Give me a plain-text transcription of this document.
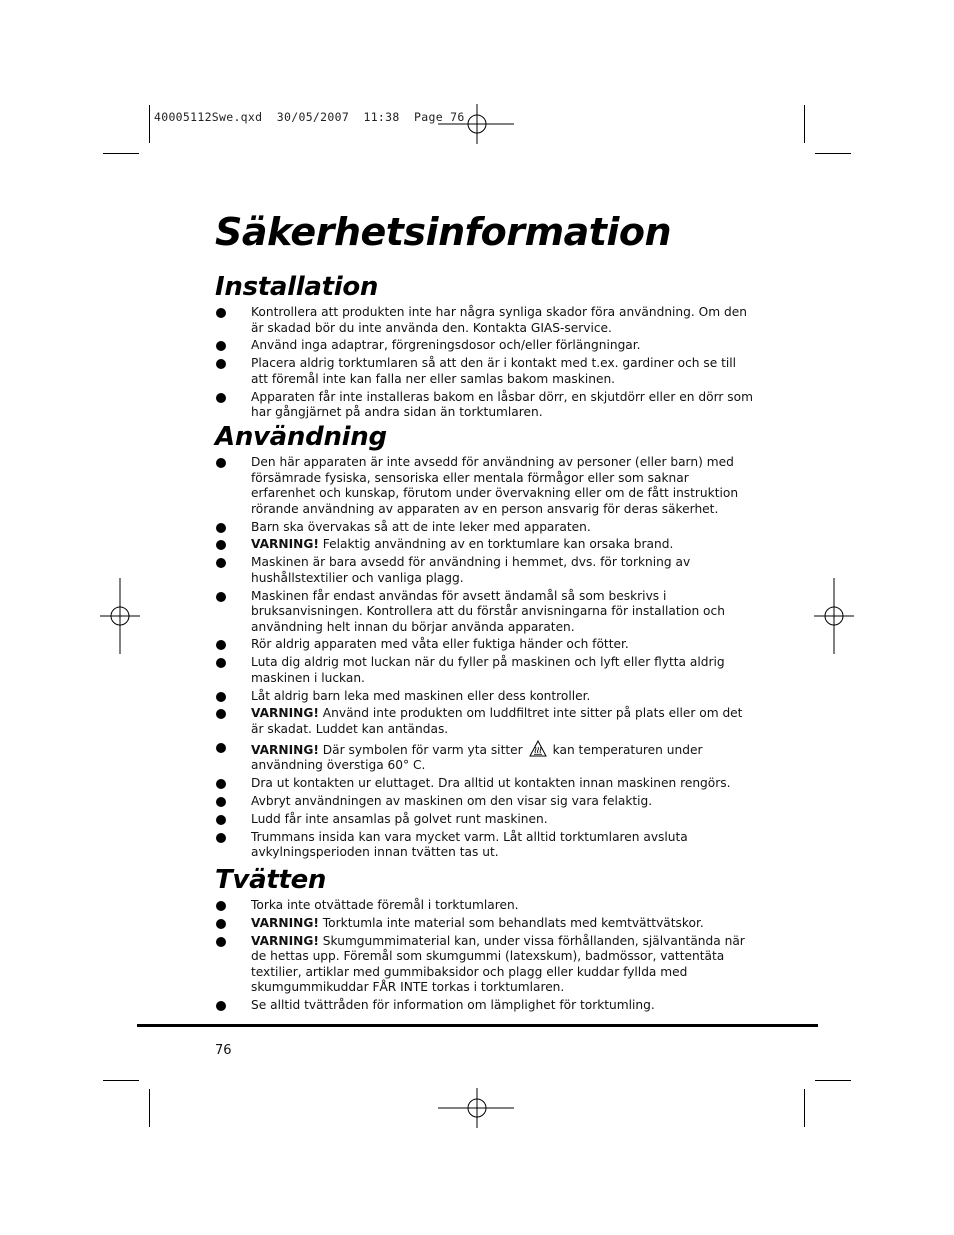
40005112Swe.qxd  30/05/2007  11:38  Page 76
Säkerhetsinformation
Installation
Kontrollera att produkten inte har några synliga skador föra användning. Om den är skadad bör du inte använda den. Kontakta GIAS-service.
Använd inga adaptrar, förgreningsdosor och/eller förlängningar.
Placera aldrig torktumlaren så att den är i kontakt med t.ex. gardiner och se till att föremål inte kan falla ner eller samlas bakom maskinen.
Apparaten får inte installeras bakom en låsbar dörr, en skjutdörr eller en dörr som har gångjärnet på andra sidan än torktumlaren.
Användning
Den här apparaten är inte avsedd för användning av personer (eller barn) med försämrade fysiska, sensoriska eller mentala förmågor eller som saknar erfarenhet och kunskap, förutom under övervakning eller om de fått instruktion rörande användning av apparaten av en person ansvarig för deras säkerhet.
Barn ska övervakas så att de inte leker med apparaten.
VARNING! Felaktig användning av en torktumlare kan orsaka brand.
Maskinen är bara avsedd för användning i hemmet, dvs. för torkning av hushållstextilier och vanliga plagg.
Maskinen får endast användas för avsett ändamål så som beskrivs i bruksanvisningen. Kontrollera att du förstår anvisningarna för installation och användning helt innan du börjar använda apparaten.
Rör aldrig apparaten med våta eller fuktiga händer och fötter.
Luta dig aldrig mot luckan när du fyller på maskinen och lyft eller flytta aldrig maskinen i luckan.
Låt aldrig barn leka med maskinen eller dess kontroller.
VARNING! Använd inte produkten om luddfiltret inte sitter på plats eller om det är skadat. Luddet kan antändas.
VARNING! Där symbolen för varm yta sitter kan temperaturen under användning överstiga 60° C.
Dra ut kontakten ur eluttaget. Dra alltid ut kontakten innan maskinen rengörs.
Avbryt användningen av maskinen om den visar sig vara felaktig.
Ludd får inte ansamlas på golvet runt maskinen.
Trummans insida kan vara mycket varm. Låt alltid torktumlaren avsluta avkylningsperioden innan tvätten tas ut.
Tvätten
Torka inte otvättade föremål i torktumlaren.
VARNING! Torktumla inte material som behandlats med kemtvättvätskor.
VARNING! Skumgummimaterial kan, under vissa förhållanden, självantända när de hettas upp. Föremål som skumgummi (latexskum), badmössor, vattentäta textilier, artiklar med gummibaksidor och plagg eller kuddar fyllda med skumgummikuddar FÅR INTE torkas i torktumlaren.
Se alltid tvättråden för information om lämplighet för torktumling.
76
